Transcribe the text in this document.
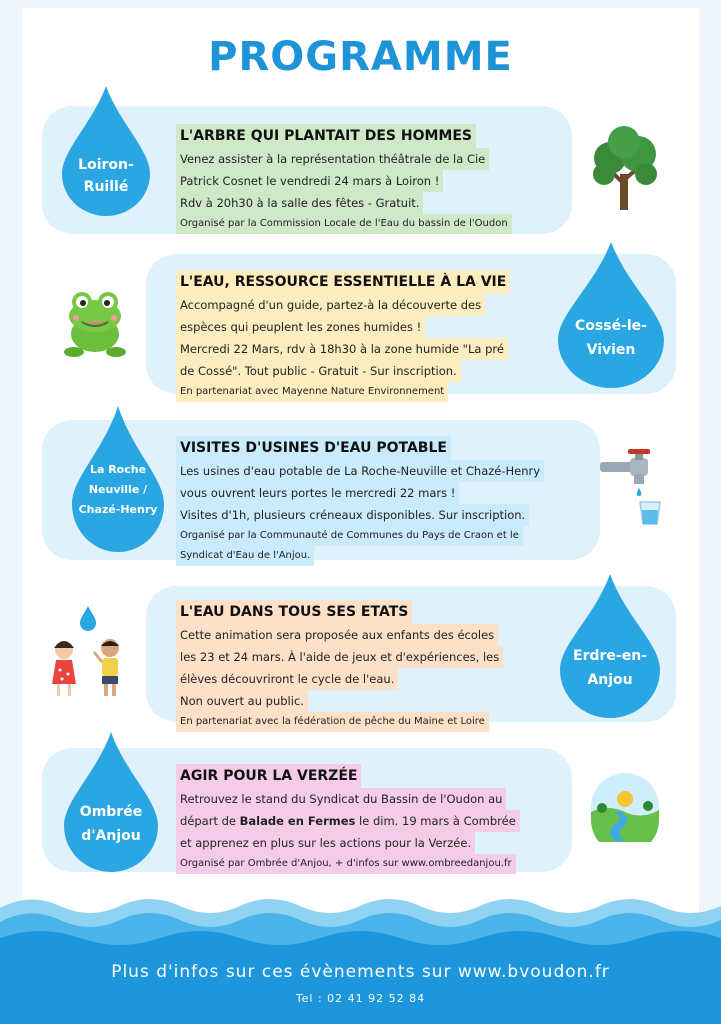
PROGRAMME
Loiron-
Ruillé
L'ARBRE QUI PLANTAIT DES HOMMES
Venez assister à la représentation théâtrale de la Cie
Patrick Cosnet le vendredi 24 mars à Loiron !
Rdv à 20h30 à la salle des fêtes - Gratuit.
Organisé par la Commission Locale de l'Eau du bassin de l'Oudon
Cossé-le-
Vivien
L'EAU, RESSOURCE ESSENTIELLE À LA VIE
Accompagné d'un guide, partez-à la découverte des
espèces qui peuplent les zones humides !
Mercredi 22 Mars, rdv à 18h30 à la zone humide "La pré
de Cossé". Tout public - Gratuit - Sur inscription.
En partenariat avec Mayenne Nature Environnement
La Roche
Neuville /
Chazé-Henry
VISITES D'USINES D'EAU POTABLE
Les usines d'eau potable de La Roche-Neuville et Chazé-Henry
vous ouvrent leurs portes le mercredi 22 mars !
Visites d'1h, plusieurs créneaux disponibles. Sur inscription.
Organisé par la Communauté de Communes du Pays de Craon et le
Syndicat d'Eau de l'Anjou.
Erdre-en-
Anjou
L'EAU DANS TOUS SES ETATS
Cette animation sera proposée aux enfants des écoles
les 23 et 24 mars. À l'aide de jeux et d'expériences, les
élèves découvriront le cycle de l'eau.
Non ouvert au public.
En partenariat avec la fédération de pêche du Maine et Loire
Ombrée
d'Anjou
AGIR POUR LA VERZÉE
Retrouvez le stand du Syndicat du Bassin de l'Oudon au
départ de Balade en Fermes le dim. 19 mars à Combrée
et apprenez en plus sur les actions pour la Verzée.
Organisé par Ombrée d'Anjou, + d'infos sur www.ombreedanjou.fr
Plus d'infos sur ces évènements sur www.bvoudon.fr
Tel : 02 41 92 52 84
